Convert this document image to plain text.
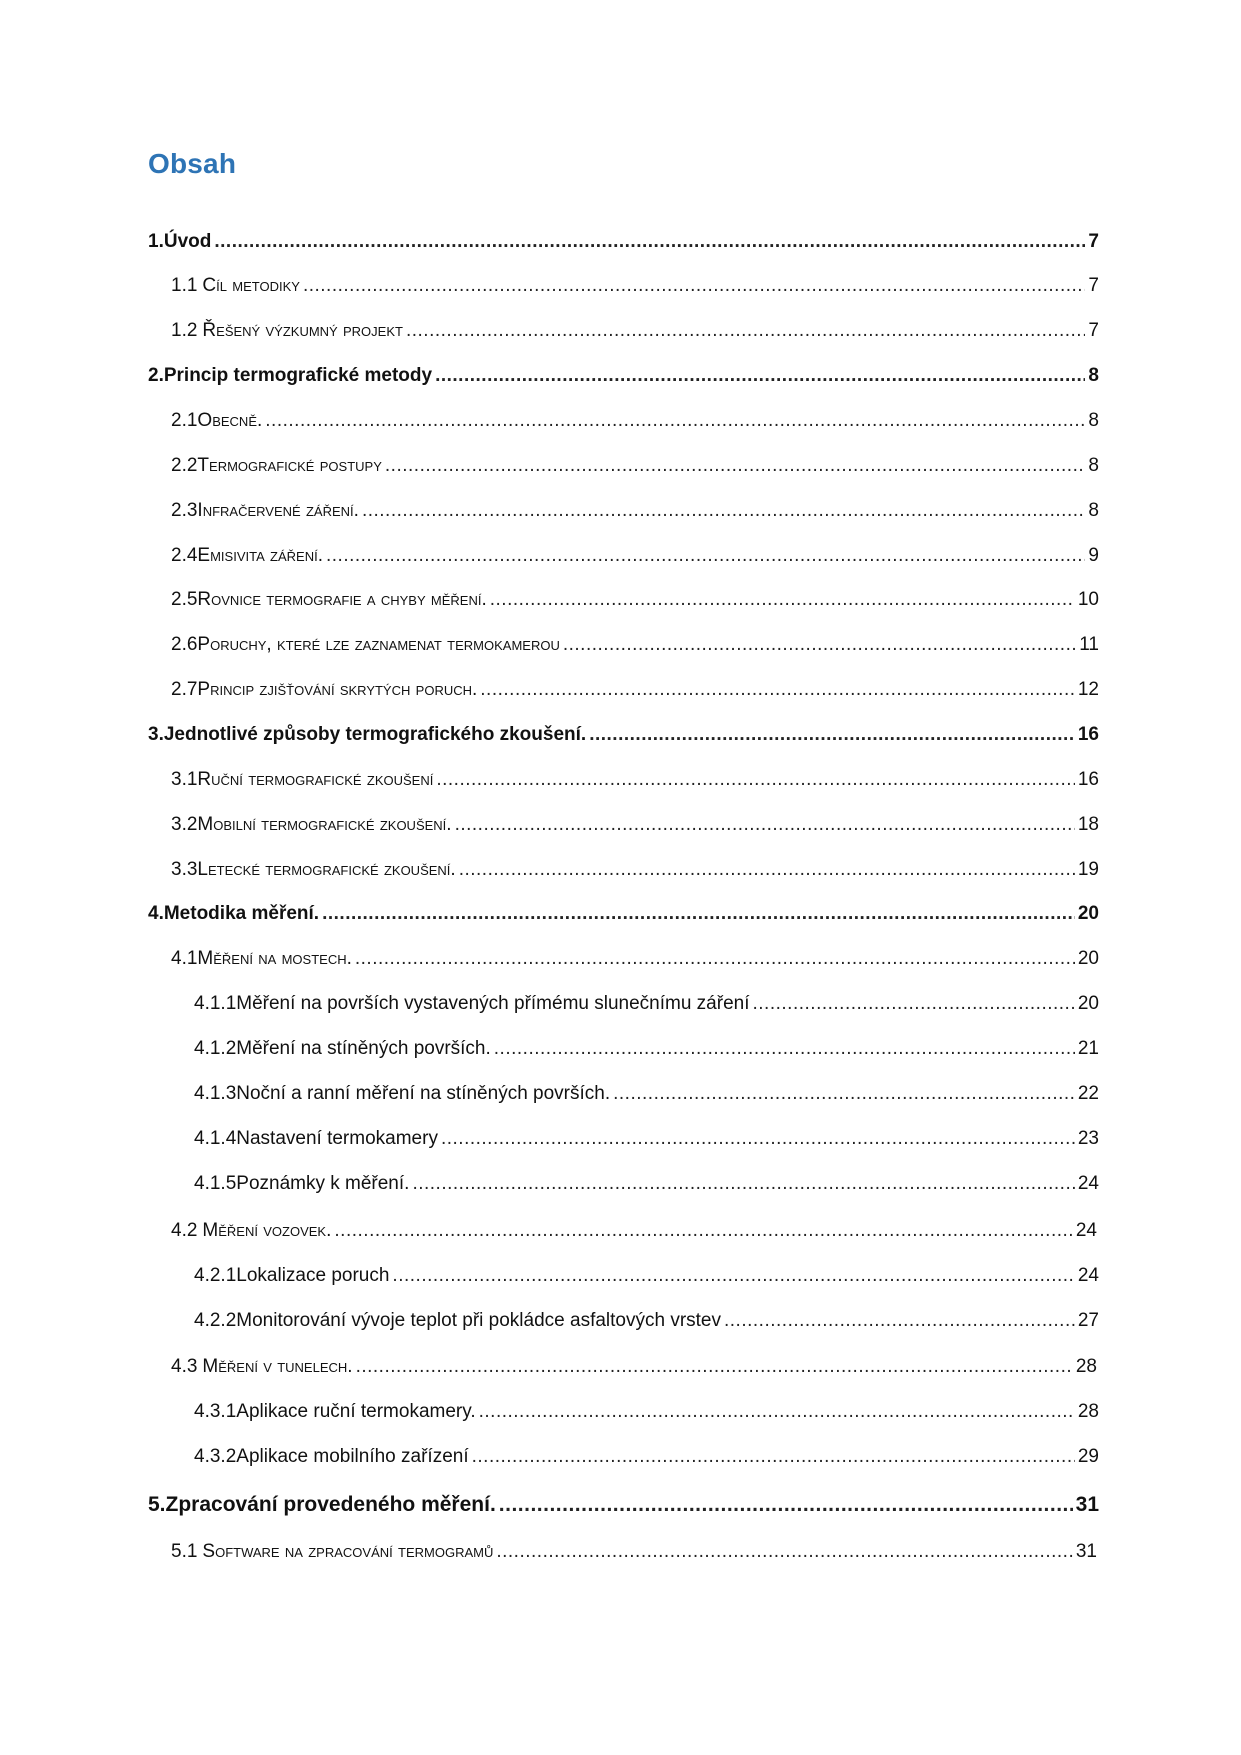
Obsah
1. Úvod .....	7
1.1 Cíl metodiky .....	7
1.2 Řešený výzkumný projekt .....	7
2. Princip termografické metody .....	8
2.1 Obecně. .....	8
2.2 Termografické postupy .....	8
2.3 Infračervené záření. .....	8
2.4 Emisivita záření. .....	9
2.5 Rovnice termografie a chyby měření. .....	10
2.6 Poruchy, které lze zaznamenat termokamerou .....	11
2.7 Princip zjišťování skrytých poruch. .....	12
3. Jednotlivé způsoby termografického zkoušení. .....	16
3.1 Ruční termografické zkoušení .....	16
3.2 Mobilní termografické zkoušení. .....	18
3.3 Letecké termografické zkoušení. .....	19
4. Metodika měření. .....	20
4.1 Měření na mostech. .....	20
4.1.1 Měření na površích vystavených přímému slunečnímu záření .....	20
4.1.2 Měření na stíněných površích. .....	21
4.1.3 Noční a ranní měření na stíněných površích. .....	22
4.1.4 Nastavení termokamery .....	23
4.1.5 Poznámky k měření. .....	24
4.2 Měření vozovek. .....	24
4.2.1 Lokalizace poruch .....	24
4.2.2 Monitorování vývoje teplot při pokládce asfaltových vrstev .....	27
4.3 Měření v tunelech. .....	28
4.3.1 Aplikace ruční termokamery. .....	28
4.3.2 Aplikace mobilního zařízení .....	29
5. Zpracování provedeného měření. .....	31
5.1 Software na zpracování termogramů .....	31
